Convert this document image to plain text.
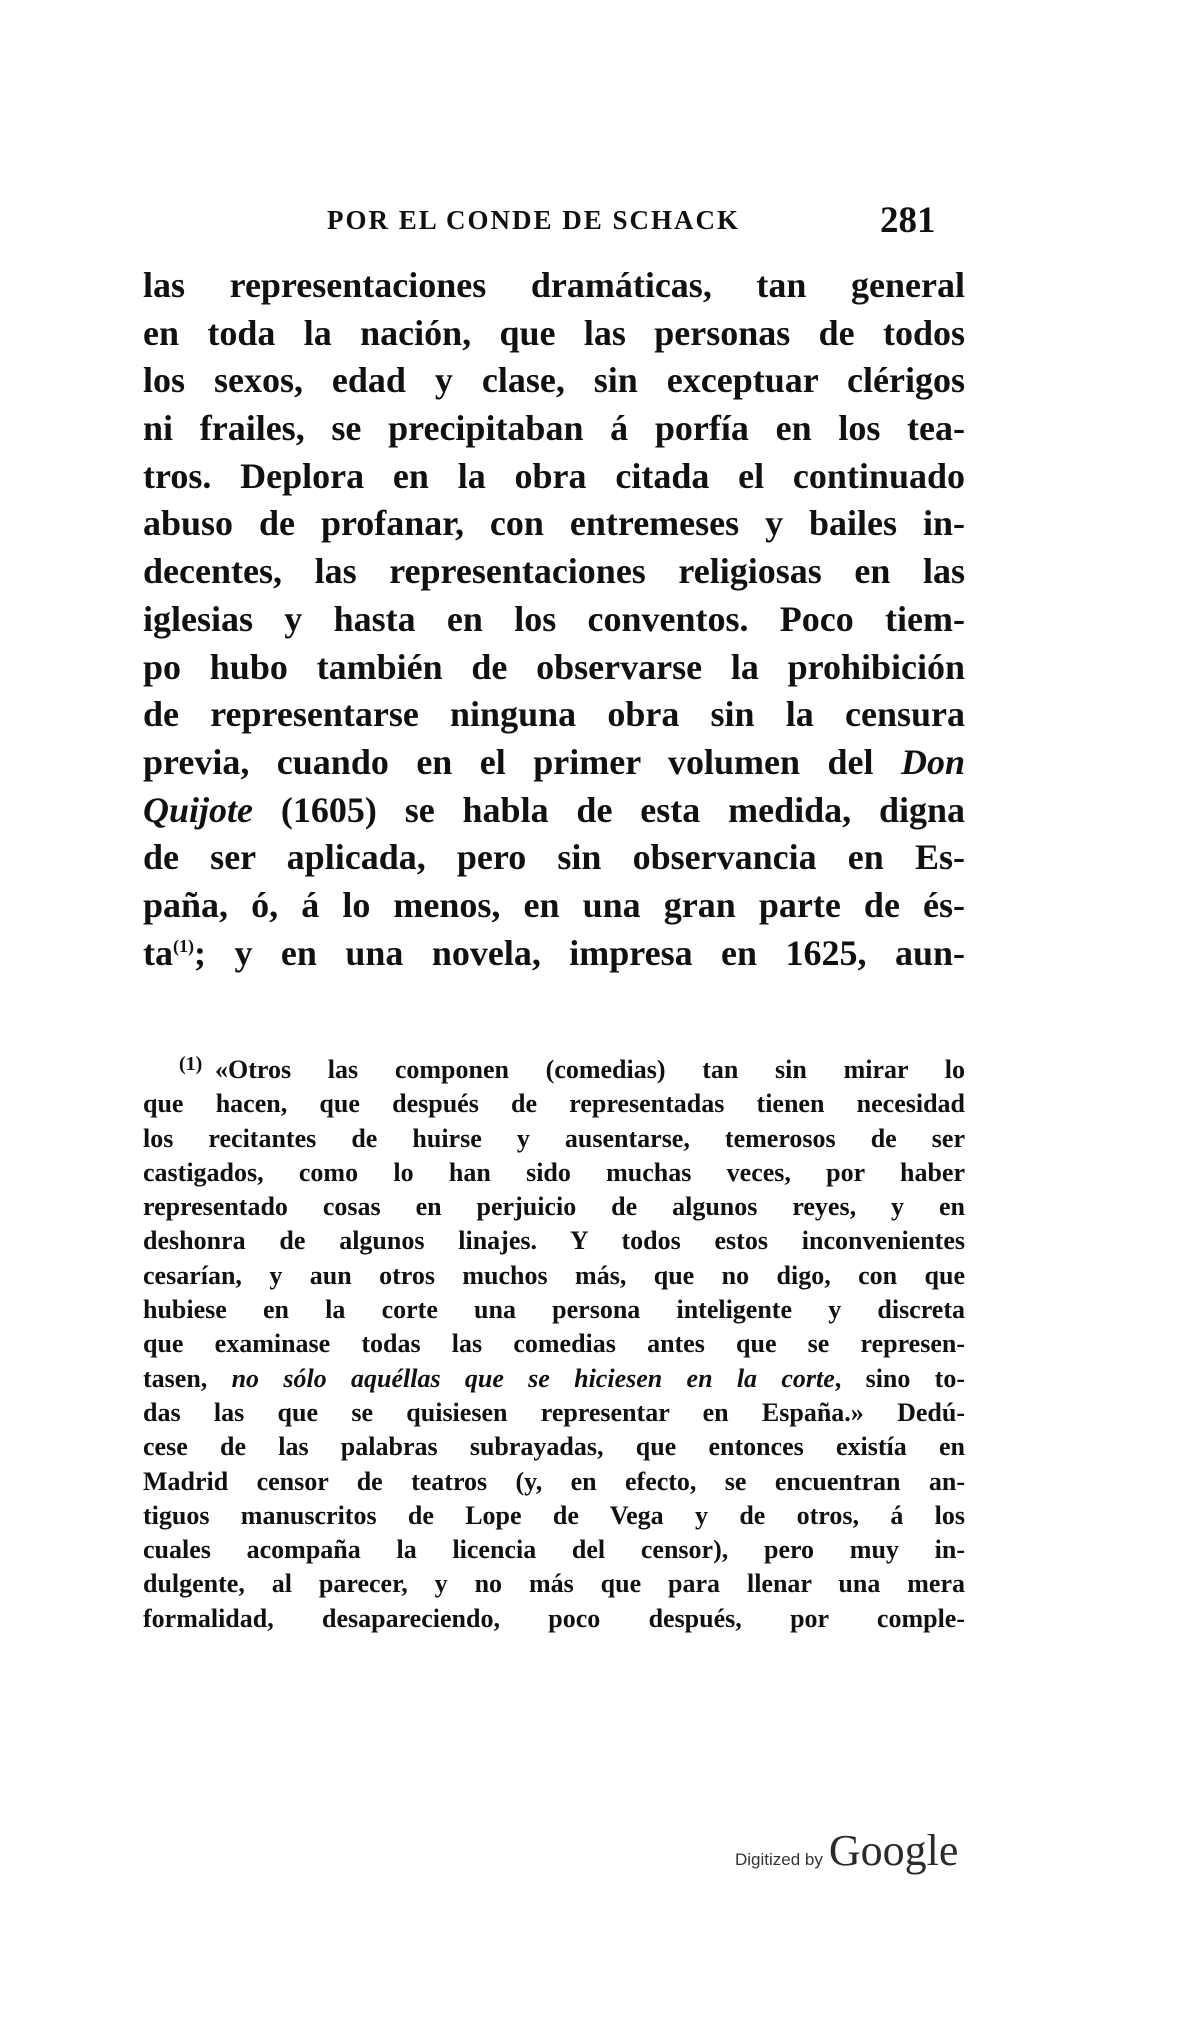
POR EL CONDE DE SCHACK	281
las representaciones dramáticas, tan general
en toda la nación, que las personas de todos
los sexos, edad y clase, sin exceptuar clérigos
ni frailes, se precipitaban á porfía en los tea-
tros. Deplora en la obra citada el continuado
abuso de profanar, con entremeses y bailes in-
decentes, las representaciones religiosas en las
iglesias y hasta en los conventos. Poco tiem-
po hubo también de observarse la prohibición
de representarse ninguna obra sin la censura
previa, cuando en el primer volumen del Don
Quijote (1605) se habla de esta medida, digna
de ser aplicada, pero sin observancia en Es-
paña, ó, á lo menos, en una gran parte de és-
ta$^{(1)}$; y en una novela, impresa en 1625, aun-
(1) «Otros las componen (comedias) tan sin mirar lo
que hacen, que después de representadas tienen necesidad
los recitantes de huirse y ausentarse, temerosos de ser
castigados, como lo han sido muchas veces, por haber
representado cosas en perjuicio de algunos reyes, y en
deshonra de algunos linajes. Y todos estos inconvenientes
cesarían, y aun otros muchos más, que no digo, con que
hubiese en la corte una persona inteligente y discreta
que examinase todas las comedias antes que se represen-
tasen, no sólo aquéllas que se hiciesen en la corte, sino to-
das las que se quisiesen representar en España.» Dedú-
cese de las palabras subrayadas, que entonces existía en
Madrid censor de teatros (y, en efecto, se encuentran an-
tiguos manuscritos de Lope de Vega y de otros, á los
cuales acompaña la licencia del censor), pero muy in-
dulgente, al parecer, y no más que para llenar una mera
formalidad, desapareciendo, poco después, por comple-
Digitized by Google
